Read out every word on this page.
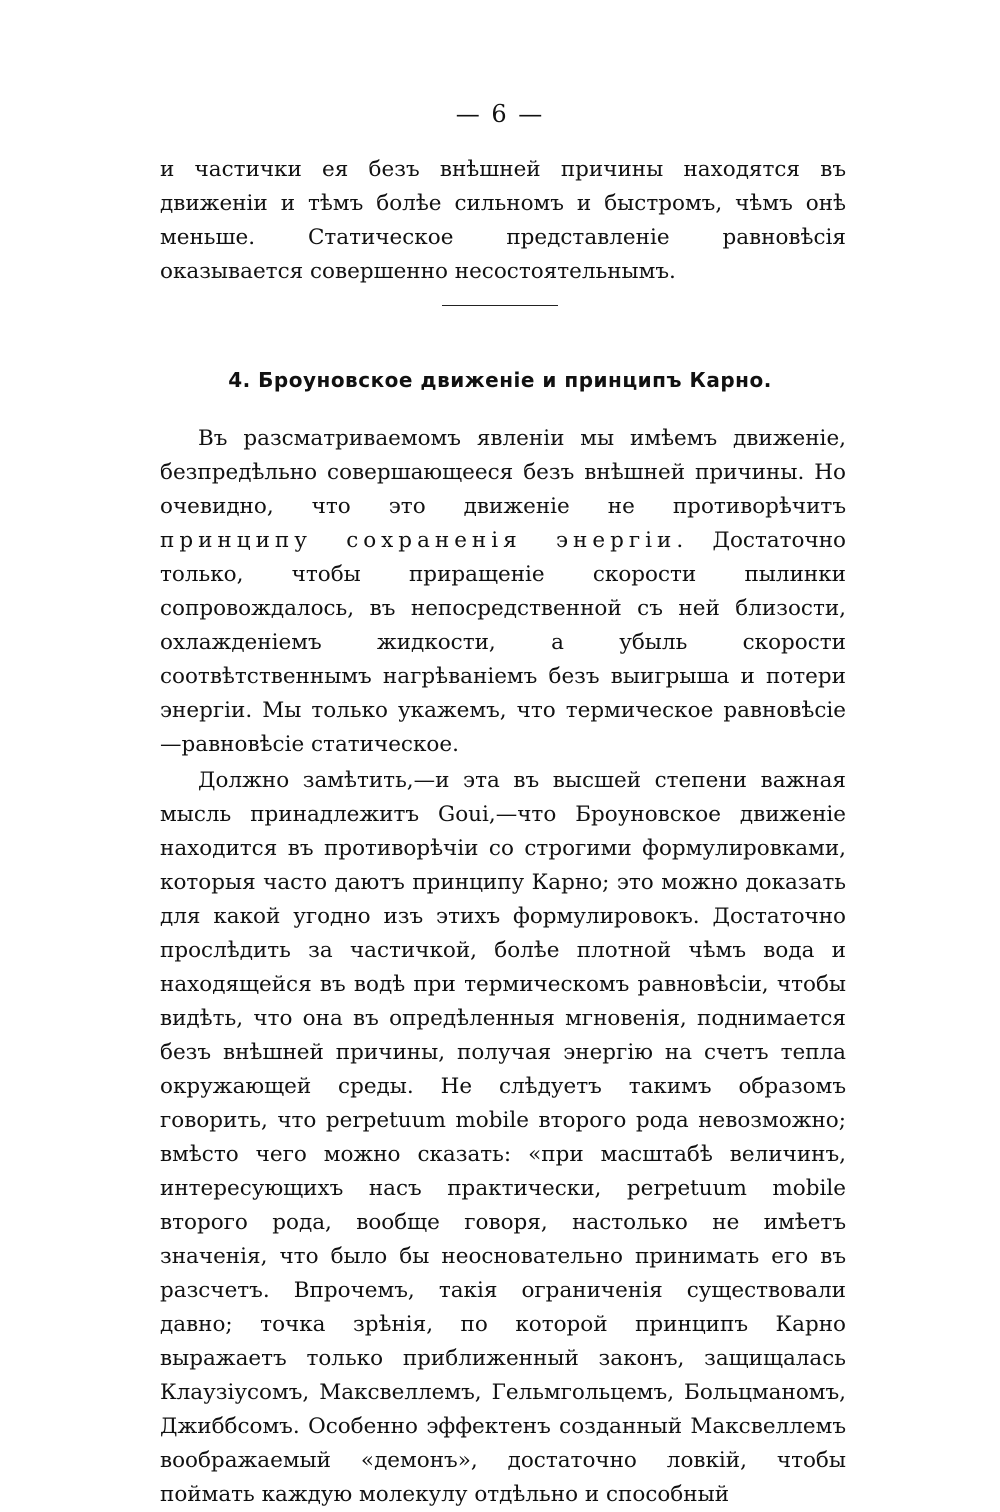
— 6 —

и частички ея безъ внѣшней причины находятся въ движенiи и тѣмъ болѣе сильномъ и быстромъ, чѣмъ онѣ меньше. Статическое представленiе равновѣсiя оказывается совершенно несостоятельнымъ.

4. Броуновское движенiе и принципъ Карно.

Въ разсматриваемомъ явленiи мы имѣемъ движенiе, безпредѣльно совершающееся безъ внѣшней причины. Но очевидно, что это движенiе не противорѣчитъ принципу сохраненiя энергiи. Достаточно только, чтобы приращенiе скорости пылинки сопровождалось, въ непосредственной съ ней близости, охлажденiемъ жидкости, а убыль скорости соотвѣтственнымъ нагрѣванiемъ безъ выигрыша и потери энергiи. Мы только укажемъ, что термическое равновѣсiе—равновѣсiе статическое.

Должно замѣтить,—и эта въ высшей степени важная мысль принадлежитъ Gouі,—что Броуновское движенiе находится въ противорѣчiи со строгими формулировками, которыя часто даютъ принципу Карно; это можно доказать для какой угодно изъ этихъ формулировокъ. Достаточно прослѣдить за частичкой, болѣе плотной чѣмъ вода и находящейся въ водѣ при термическомъ равновѣсiи, чтобы видѣть, что она въ опредѣленныя мгновенiя, поднимается безъ внѣшней причины, получая энергiю на счетъ тепла окружающей среды. Не слѣдуетъ такимъ образомъ говорить, что perpetuum mobile второго рода невозможно; вмѣсто чего можно сказать: «при масштабѣ величинъ, интересующихъ насъ практически, perpetuum mobile второго рода, вообще говоря, настолько не имѣетъ значенiя, что было бы неосновательно принимать его въ разсчетъ. Впрочемъ, такiя ограниченiя существовали давно; точка зрѣнiя, по которой принципъ Карно выражаетъ только приближенный законъ, защищалась Клаузiусомъ, Максвеллемъ, Гельмгольцемъ, Больцманомъ, Джиббсомъ. Особенно эффектенъ созданный Максвеллемъ воображаемый «демонъ», достаточно ловкiй, чтобы поймать каждую молекулу отдѣльно и способный
